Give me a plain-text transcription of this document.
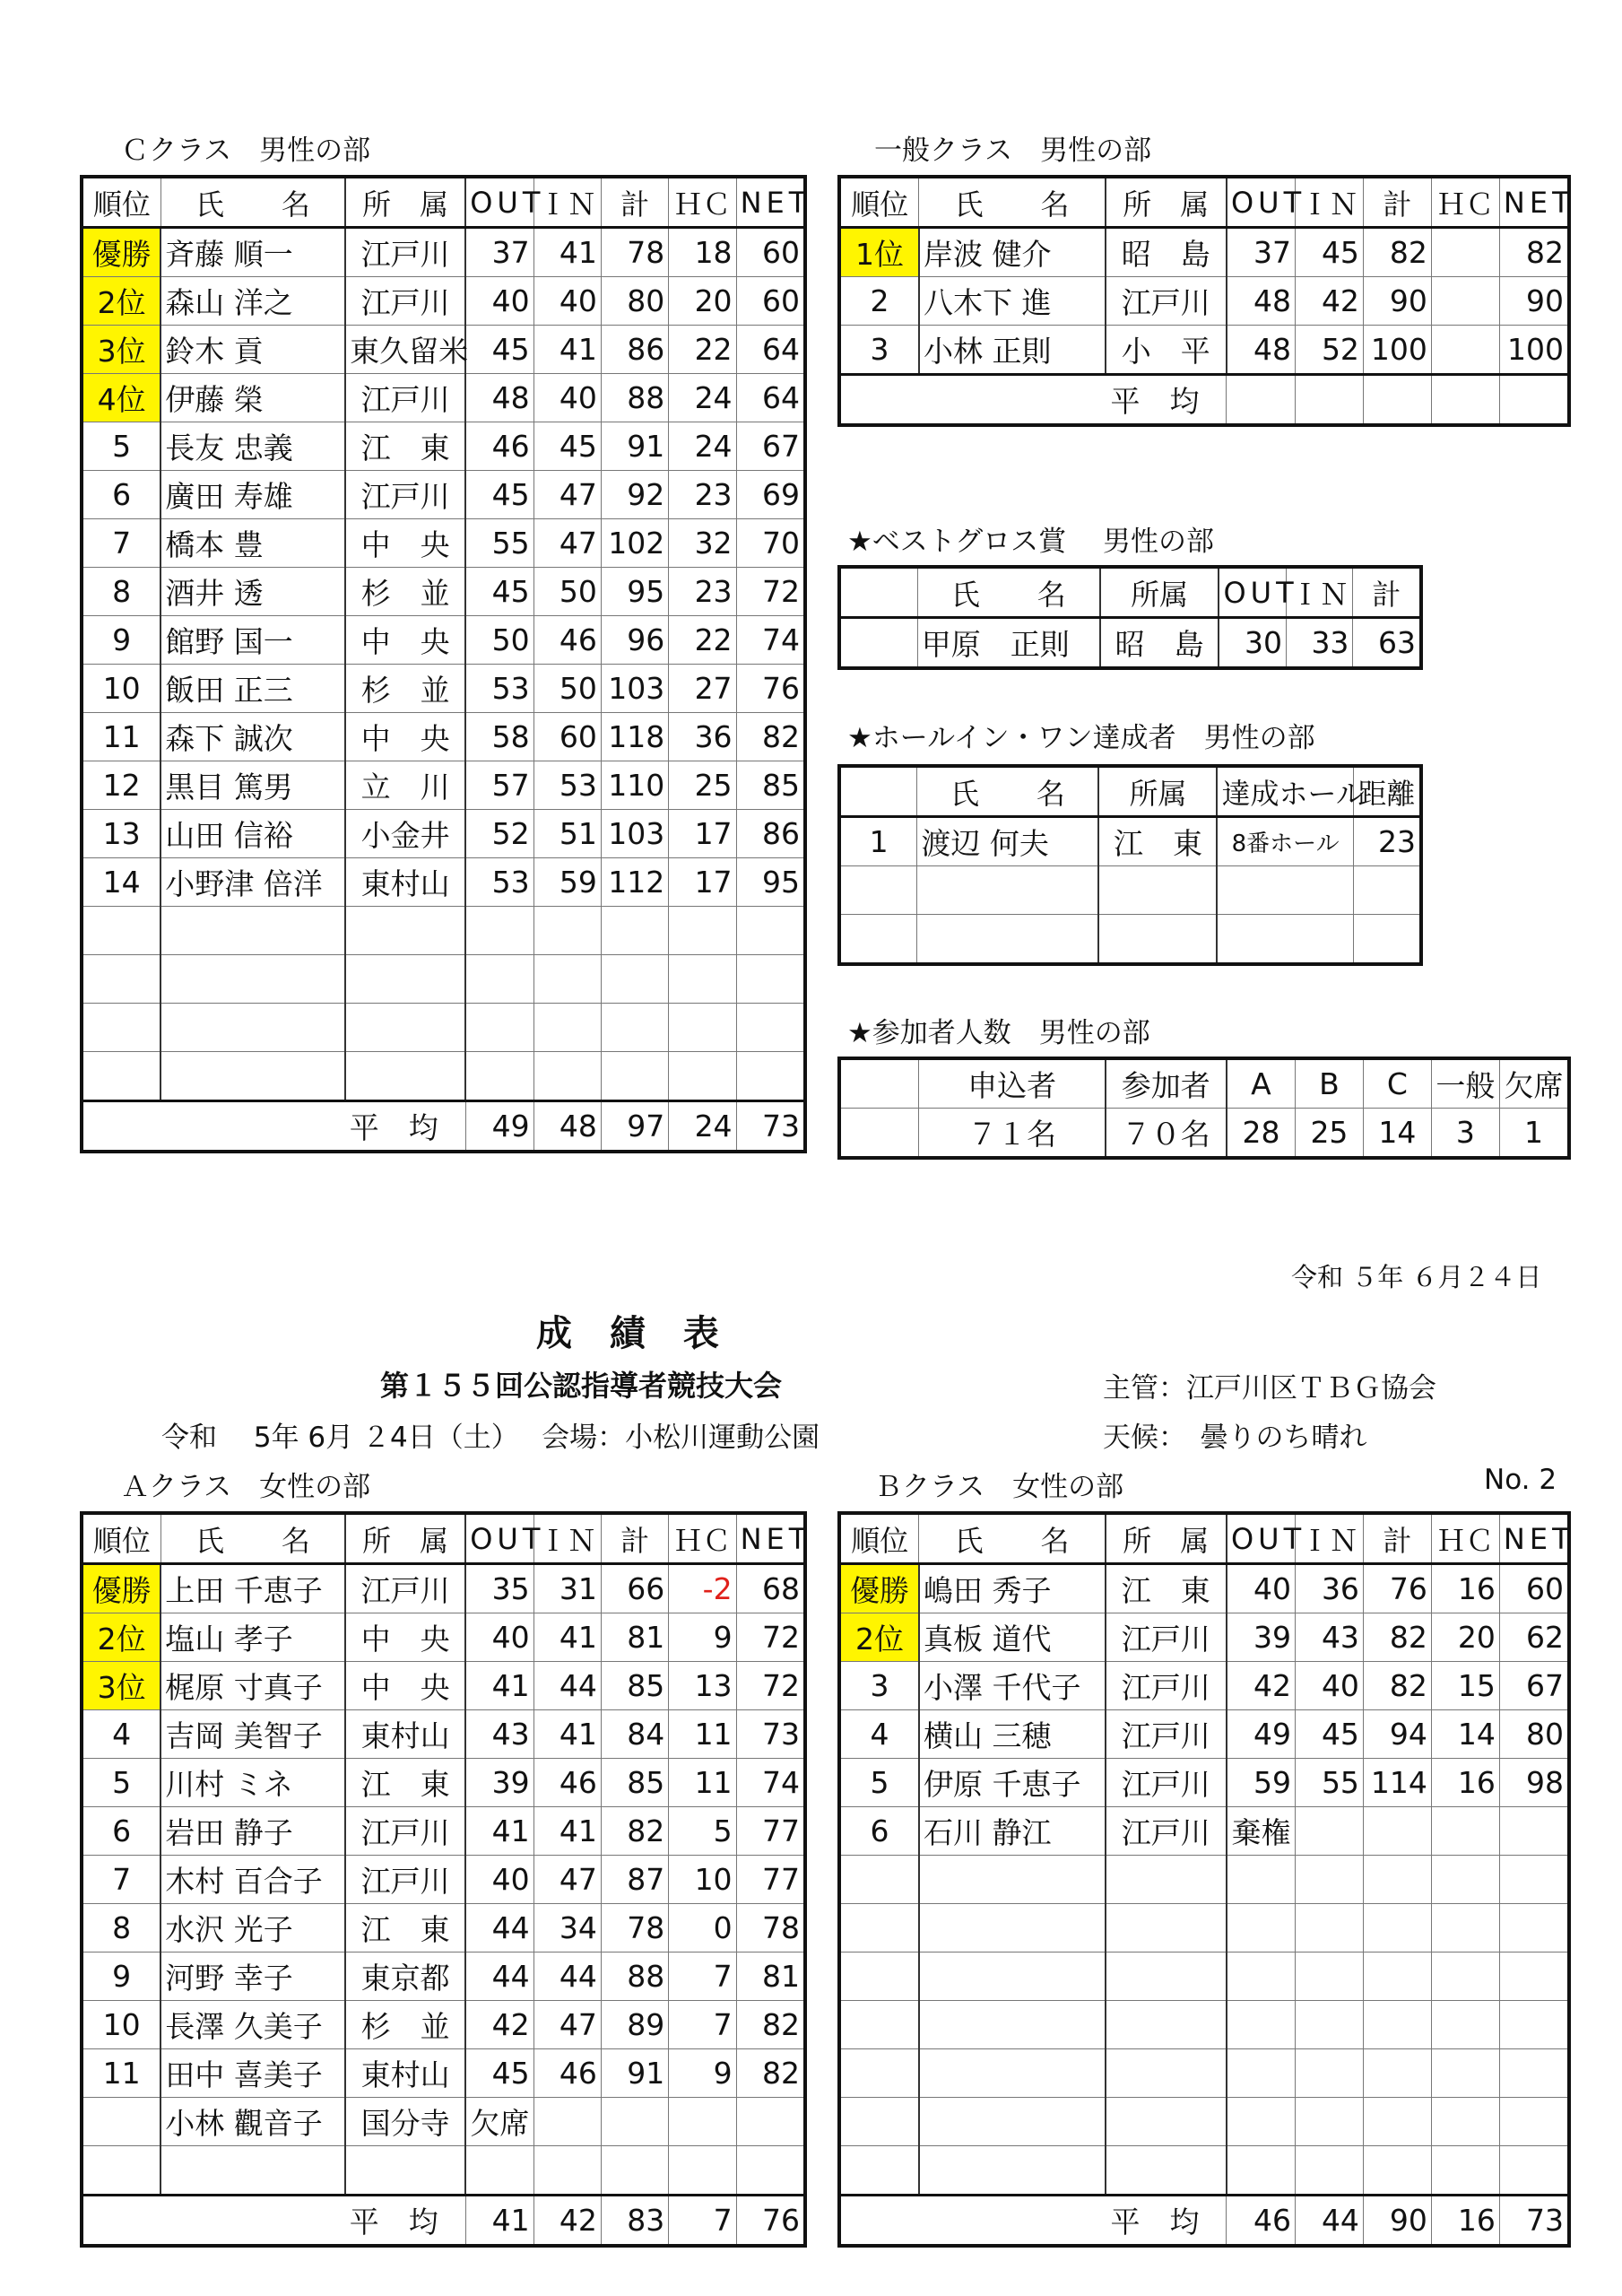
Ｃクラス　男性の部
順位	氏　　名	所　属	OUT	ＩＮ	計	ＨＣ	NET
優勝	斉藤 順一	江戸川	37	41	78	18	60
2位	森山 洋之	江戸川	40	40	80	20	60
3位	鈴木 貢	東久留米	45	41	86	22	64
4位	伊藤 榮	江戸川	48	40	88	24	64
5	長友 忠義	江　東	46	45	91	24	67
6	廣田 寿雄	江戸川	45	47	92	23	69
7	橋本 豊	中　央	55	47	102	32	70
8	酒井 透	杉　並	45	50	95	23	72
9	館野 国一	中　央	50	46	96	22	74
10	飯田 正三	杉　並	53	50	103	27	76
11	森下 誠次	中　央	58	60	118	36	82
12	黒目 篤男	立　川	57	53	110	25	85
13	山田 信裕	小金井	52	51	103	17	86
14	小野津 倍洋	東村山	53	59	112	17	95

	平　均		49	48	97	24	73
一般クラス　男性の部
順位	氏　　名	所　属	OUT	ＩＮ	計	ＨＣ	NET
1位	岸波 健介	昭　島	37	45	82		82
2	八木下 進	江戸川	48	42	90		90
3	小林 正則	小　平	48	52	100		100
	平　均						
★ベストグロス賞　 男性の部
	氏　　名	所属	OUT	ＩＮ	計
	甲原　正則	昭　島	30	33	63
★ホールイン・ワン達成者　男性の部
	氏　　名	所属	達成ホール	距離
1	渡辺 何夫	江　東	8番ホール	23

★参加者人数　男性の部
	申込者	参加者	A	B	C	一般	欠席
	７１名	７０名	28	25	14	3	1
令和 ５年 ６月２４日
成 績 表
第１５５回公認指導者競技大会	主管：江戸川区ＴＢＧ協会
令和　 5年 6月 ２4日（土）　 会場：小松川運動公園	天候：　曇りのち晴れ
Ａクラス　女性の部	Ｂクラス　女性の部	No. 2
順位	氏　　名	所　属	OUT	ＩＮ	計	ＨＣ	NET
優勝	上田 千恵子	江戸川	35	31	66	-2	68
2位	塩山 孝子	中　央	40	41	81	9	72
3位	梶原 寸真子	中　央	41	44	85	13	72
4	吉岡 美智子	東村山	43	41	84	11	73
5	川村 ミネ	江　東	39	46	85	11	74
6	岩田 静子	江戸川	41	41	82	5	77
7	木村 百合子	江戸川	40	47	87	10	77
8	水沢 光子	江　東	44	34	78	0	78
9	河野 幸子	東京都	44	44	88	7	81
10	長澤 久美子	杉　並	42	47	89	7	82
11	田中 喜美子	東村山	45	46	91	9	82
	小林 觀音子	国分寺	欠席				

	平　均		41	42	83	7	76
順位	氏　　名	所　属	OUT	ＩＮ	計	ＨＣ	NET
優勝	嶋田 秀子	江　東	40	36	76	16	60
2位	真板 道代	江戸川	39	43	82	20	62
3	小澤 千代子	江戸川	42	40	82	15	67
4	横山 三穂	江戸川	49	45	94	14	80
5	伊原 千恵子	江戸川	59	55	114	16	98
6	石川 静江	江戸川	棄権				

	平　均		46	44	90	16	73
